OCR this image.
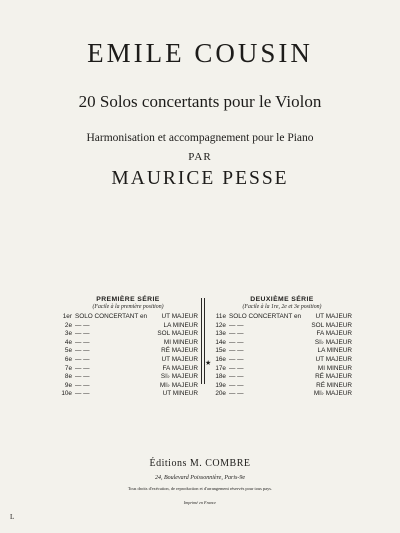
EMILE COUSIN
20 Solos concertants pour le Violon
Harmonisation et accompagnement pour le Piano
PAR
MAURICE PESSE
PREMIÈRE SÉRIE
(Facile à la première position)
1er SOLO CONCERTANT en	UT MAJEUR
2e — —	LA MINEUR
3e — —	SOL MAJEUR
4e — —	MI MINEUR
5e — —	RÉ MAJEUR
6e — —	UT MAJEUR
7e — —	FA MAJEUR
8e — —	SI♭ MAJEUR
9e — —	MI♭ MAJEUR
10e — —	UT MINEUR
★
DEUXIÈME SÉRIE
(Facile à la 1re, 2e et 3e position)
11e SOLO CONCERTANT en	UT MAJEUR
12e — —	SOL MAJEUR
13e — —	FA MAJEUR
14e — —	SI♭ MAJEUR
15e — —	LA MINEUR
16e — —	UT MAJEUR
17e — —	MI MINEUR
18e — —	RÉ MAJEUR
19e — —	RÉ MINEUR
20e — —	MI♭ MAJEUR
Éditions M. COMBRE
24, Boulevard Poissonnière, Paris-9e
Tous droits d'exécution, de reproduction et d'arrangement réservés pour tous pays.
Imprimé en France
L
